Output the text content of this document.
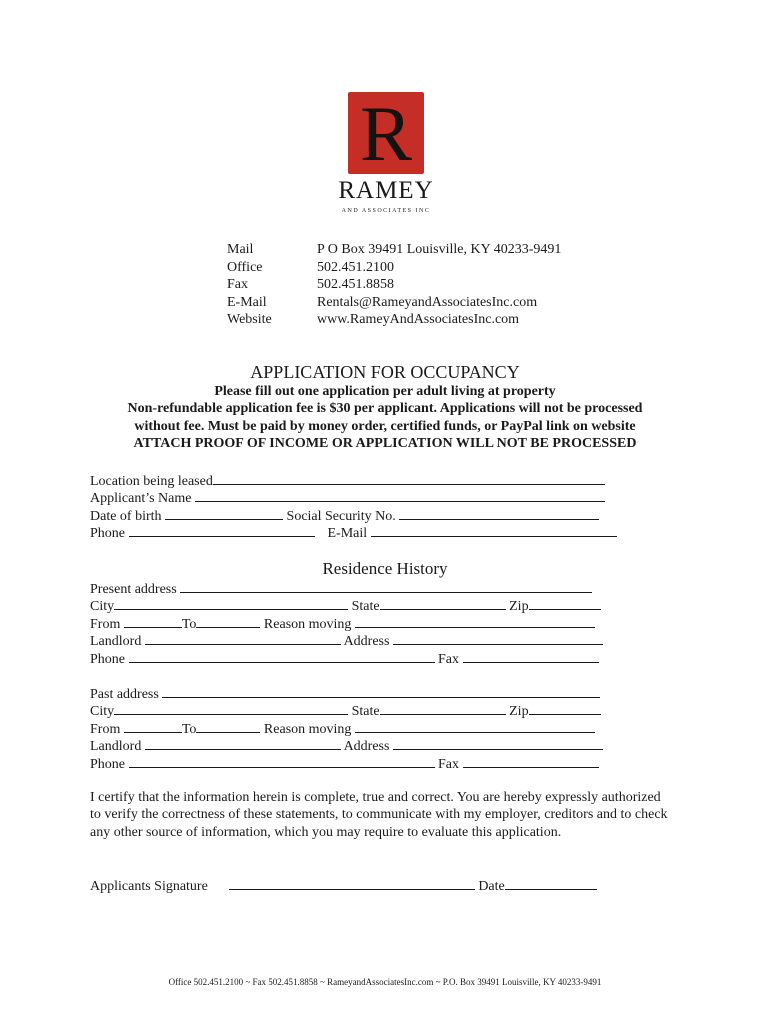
R
RAMEY
AND ASSOCIATES INC
Mail	P O Box 39491 Louisville, KY 40233-9491
Office	502.451.2100
Fax	502.451.8858
E-Mail	Rentals@RameyandAssociatesInc.com
Website	www.RameyAndAssociatesInc.com
APPLICATION FOR OCCUPANCY
Please fill out one application per adult living at property
Non-refundable application fee is $30 per applicant. Applications will not be processed
without fee. Must be paid by money order, certified funds, or PayPal link on website
ATTACH PROOF OF INCOME OR APPLICATION WILL NOT BE PROCESSED
Location being leased
Applicant’s Name
Date of birth	Social Security No.
Phone	E-Mail
Residence History
Present address
City	State	Zip
From	To	Reason moving
Landlord	Address
Phone	Fax
Past address
City	State	Zip
From	To	Reason moving
Landlord	Address
Phone	Fax
I certify that the information herein is complete, true and correct. You are hereby expressly authorized to verify the correctness of these statements, to communicate with my employer, creditors and to check any other source of information, which you may require to evaluate this application.
Applicants Signature	Date
Office 502.451.2100 ~ Fax 502.451.8858 ~ RameyandAssociatesInc.com ~ P.O. Box 39491 Louisville, KY 40233-9491
